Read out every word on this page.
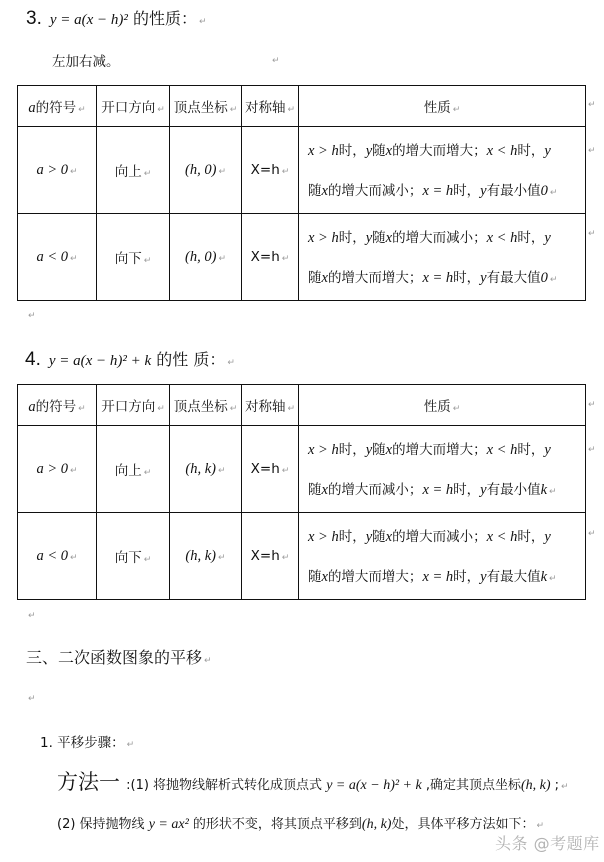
3. y = a(x − h)² 的性质： ↵
左加右减。	↵
a的符号 ↵	开口方向 ↵	顶点坐标 ↵	对称轴 ↵	性质 ↵
a > 0 ↵	向上 ↵	(h, 0) ↵	X=h ↵	x > h时，y随x的增大而增大；x < h时，y
随x的增大而减小；x = h时，y有最小值0 ↵

a < 0 ↵	向下 ↵	(h, 0) ↵	X=h ↵	x > h时，y随x的增大而减小；x < h时，y
随x的增大而增大；x = h时，y有最大值0 ↵
↵
↵
↵
↵
4. y = a(x − h)² + k 的性 质： ↵
a的符号 ↵	开口方向 ↵	顶点坐标 ↵	对称轴 ↵	性质 ↵
a > 0 ↵	向上 ↵	(h, k) ↵	X=h ↵	x > h时，y随x的增大而增大；x < h时，y
随x的增大而减小；x = h时，y有最小值k ↵

a < 0 ↵	向下 ↵	(h, k) ↵	X=h ↵	x > h时，y随x的增大而减小；x < h时，y
随x的增大而增大；x = h时，y有最大值k ↵
↵
↵
↵
↵
三、二次函数图象的平移 ↵
↵
1. 平移步骤： ↵
方法一 :(1) 将抛物线解析式转化成顶点式 y = a(x − h)² + k ,确定其顶点坐标(h, k) ; ↵
(2) 保持抛物线 y = ax² 的形状不变，将其顶点平移到(h, k)处，具体平移方法如下： ↵
头条 @考题库
